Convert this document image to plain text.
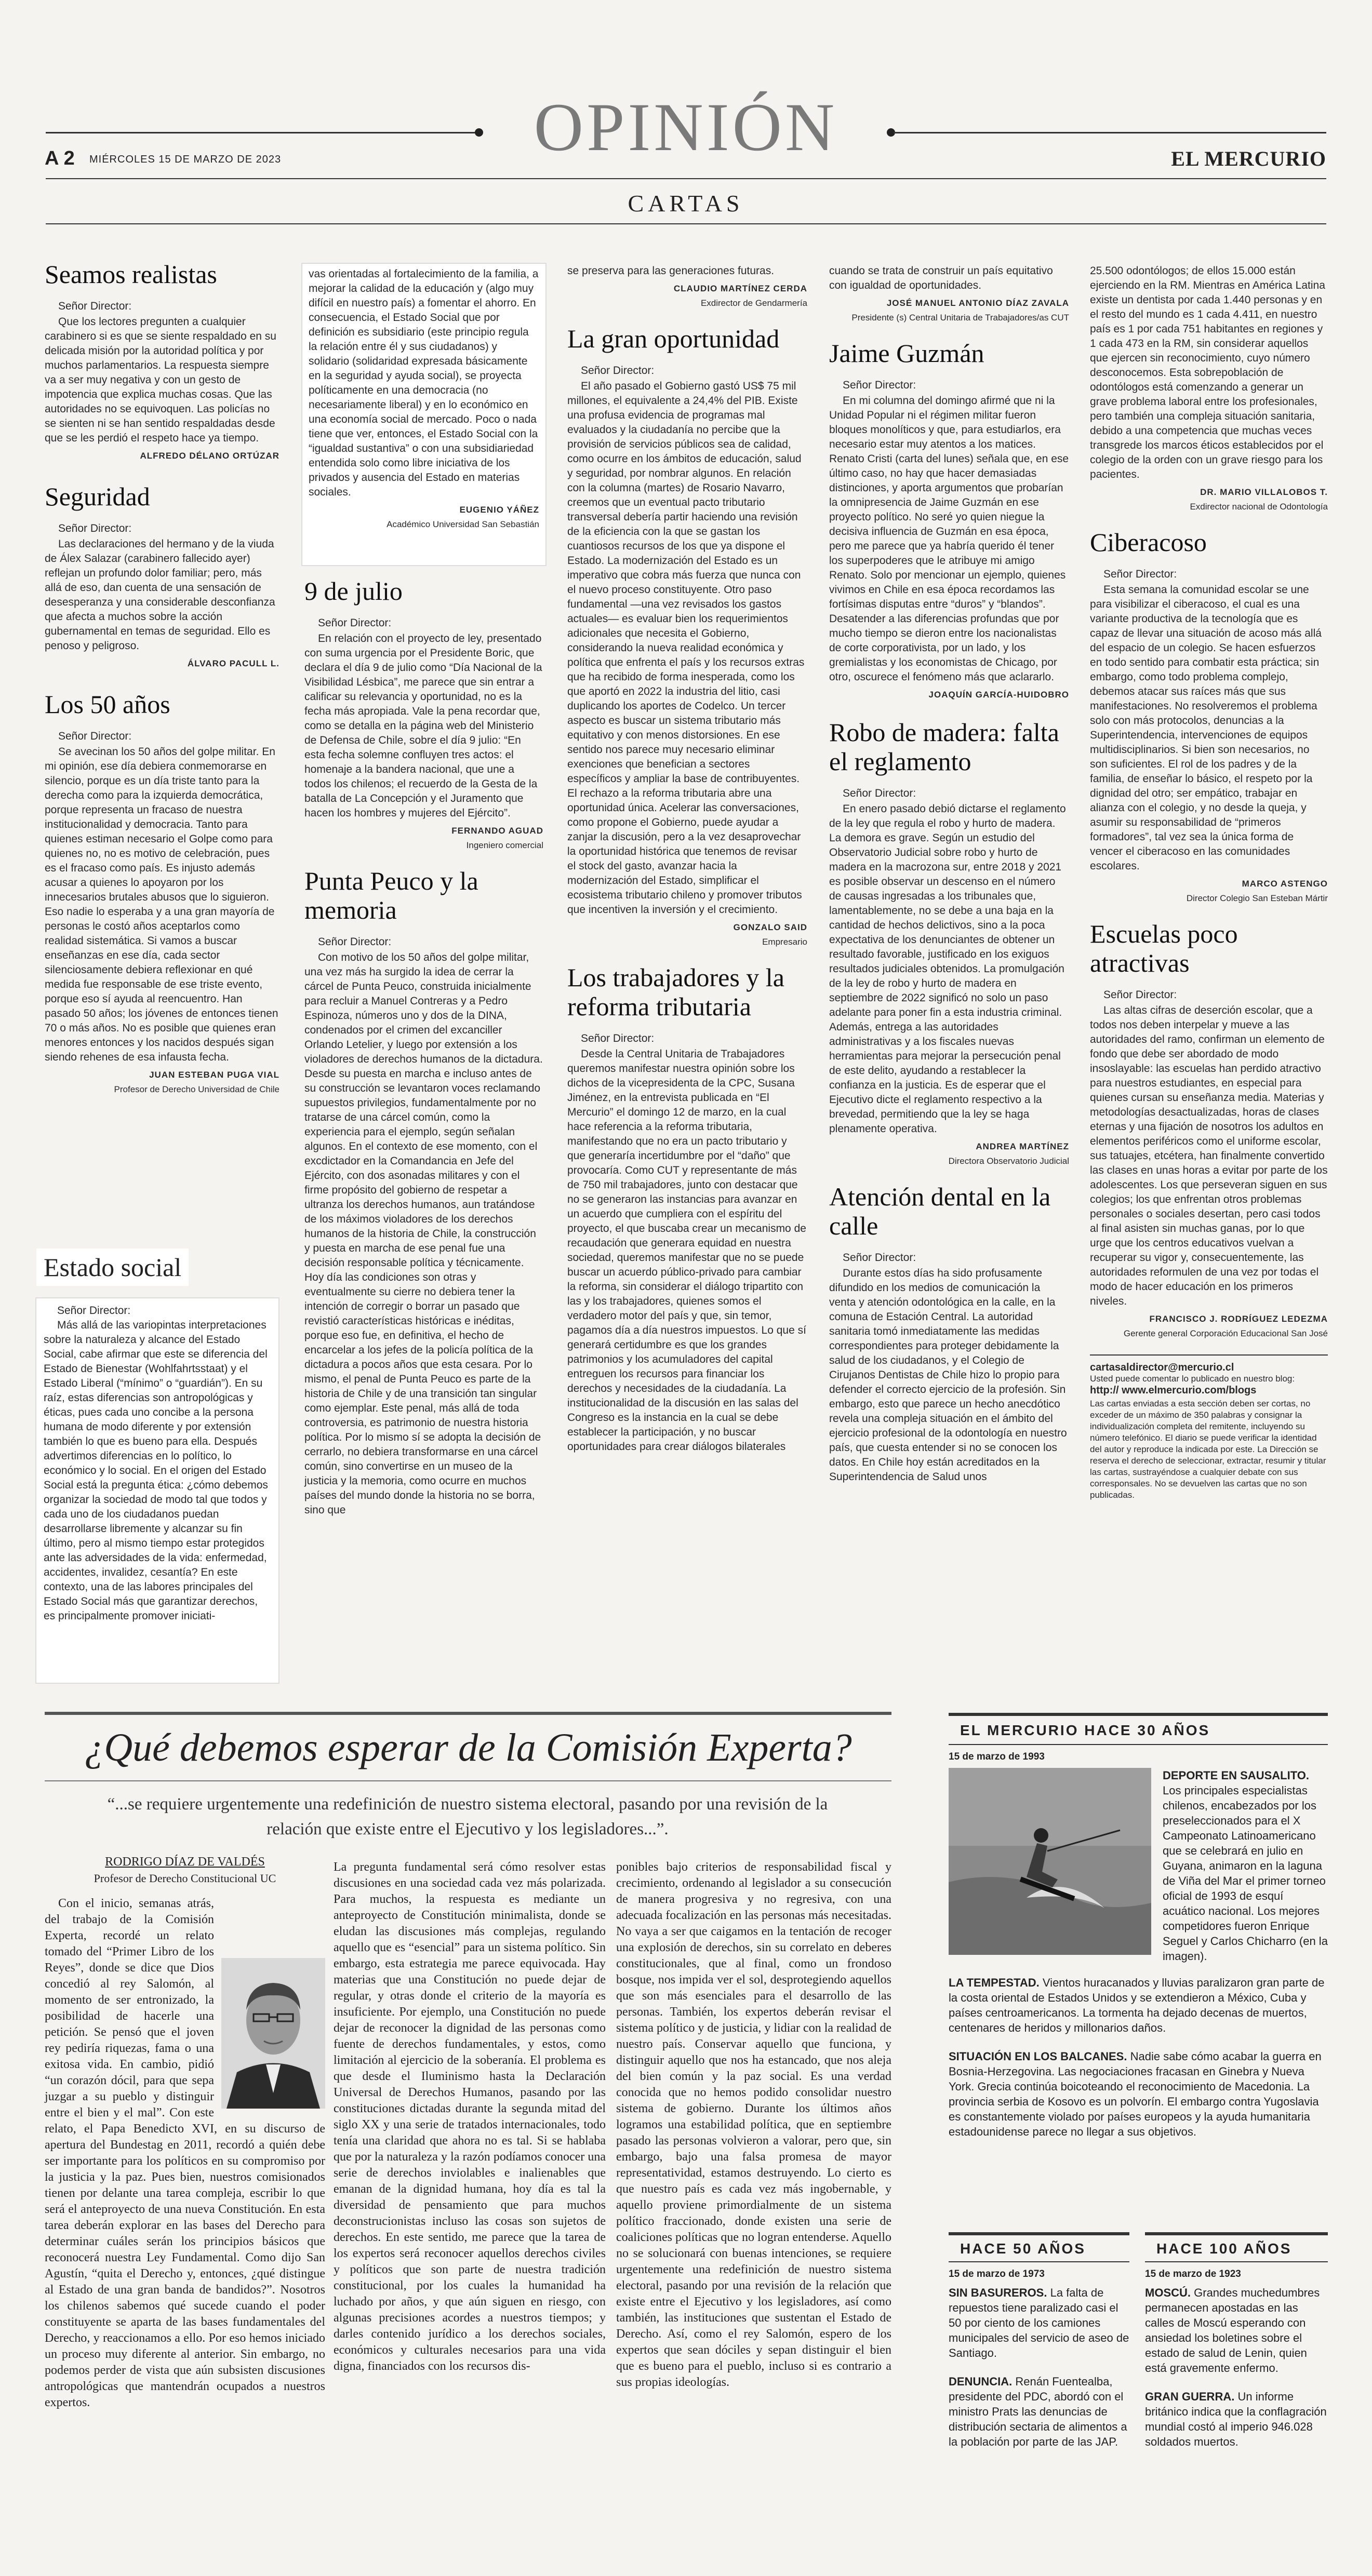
OPINIÓN
A 2 MIÉRCOLES 15 DE MARZO DE 2023	EL MERCURIO
CARTAS
Seamos realistas

Señor Director:

Que los lectores pregunten a cualquier carabinero si es que se siente respaldado en su delicada misión por la autoridad política y por muchos parlamentarios. La respuesta siempre va a ser muy negativa y con un gesto de impotencia que explica muchas cosas. Que las autoridades no se equivoquen. Las policías no se sienten ni se han sentido respaldadas desde que se les perdió el respeto hace ya tiempo.

ALFREDO DÉLANO ORTÚZAR
Seguridad

Señor Director:

Las declaraciones del hermano y de la viuda de Álex Salazar (carabinero fallecido ayer) reflejan un profundo dolor familiar; pero, más allá de eso, dan cuenta de una sensación de desesperanza y una considerable desconfianza que afecta a muchos sobre la acción gubernamental en temas de seguridad. Ello es penoso y peligroso.

ÁLVARO PACULL L.
Los 50 años

Señor Director:

Se avecinan los 50 años del golpe militar. En mi opinión, ese día debiera conmemorarse en silencio, porque es un día triste tanto para la derecha como para la izquierda democrática, porque representa un fracaso de nuestra institucionalidad y democracia. Tanto para quienes estiman necesario el Golpe como para quienes no, no es motivo de celebración, pues es el fracaso como país. Es injusto además acusar a quienes lo apoyaron por los innecesarios brutales abusos que lo siguieron. Eso nadie lo esperaba y a una gran mayoría de personas le costó años aceptarlos como realidad sistemática. Si vamos a buscar enseñanzas en ese día, cada sector silenciosamente debiera reflexionar en qué medida fue responsable de ese triste evento, porque eso sí ayuda al reencuentro. Han pasado 50 años; los jóvenes de entonces tienen 70 o más años. No es posible que quienes eran menores entonces y los nacidos después sigan siendo rehenes de esa infausta fecha.

JUAN ESTEBAN PUGA VIAL
Profesor de Derecho Universidad de Chile
Estado social

Señor Director:

Más allá de las variopintas interpretaciones sobre la naturaleza y alcance del Estado Social, cabe afirmar que este se diferencia del Estado de Bienestar (Wohlfahrtsstaat) y el Estado Liberal (“mínimo” o “guardián”). En su raíz, estas diferencias son antropológicas y éticas, pues cada uno concibe a la persona humana de modo diferente y por extensión también lo que es bueno para ella. Después advertimos diferencias en lo político, lo económico y lo social. En el origen del Estado Social está la pregunta ética: ¿cómo debemos organizar la sociedad de modo tal que todos y cada uno de los ciudadanos puedan desarrollarse libremente y alcanzar su fin último, pero al mismo tiempo estar protegidos ante las adversidades de la vida: enfermedad, accidentes, invalidez, cesantía? En este contexto, una de las labores principales del Estado Social más que garantizar derechos, es principalmente promover iniciati-

vas orientadas al fortalecimiento de la familia, a mejorar la calidad de la educación y (algo muy difícil en nuestro país) a fomentar el ahorro. En consecuencia, el Estado Social que por definición es subsidiario (este principio regula la relación entre él y sus ciudadanos) y solidario (solidaridad expresada básicamente en la seguridad y ayuda social), se proyecta políticamente en una democracia (no necesariamente liberal) y en lo económico en una economía social de mercado. Poco o nada tiene que ver, entonces, el Estado Social con la “igualdad sustantiva” o con una subsidiariedad entendida solo como libre iniciativa de los privados y ausencia del Estado en materias sociales.

EUGENIO YÁÑEZ
Académico Universidad San Sebastián
9 de julio

Señor Director:

En relación con el proyecto de ley, presentado con suma urgencia por el Presidente Boric, que declara el día 9 de julio como “Día Nacional de la Visibilidad Lésbica”, me parece que sin entrar a calificar su relevancia y oportunidad, no es la fecha más apropiada. Vale la pena recordar que, como se detalla en la página web del Ministerio de Defensa de Chile, sobre el día 9 julio: “En esta fecha solemne confluyen tres actos: el homenaje a la bandera nacional, que une a todos los chilenos; el recuerdo de la Gesta de la batalla de La Concepción y el Juramento que hacen los hombres y mujeres del Ejército”.

FERNANDO AGUAD
Ingeniero comercial
Punta Peuco y la memoria

Señor Director:

Con motivo de los 50 años del golpe militar, una vez más ha surgido la idea de cerrar la cárcel de Punta Peuco, construida inicialmente para recluir a Manuel Contreras y a Pedro Espinoza, números uno y dos de la DINA, condenados por el crimen del excanciller Orlando Letelier, y luego por extensión a los violadores de derechos humanos de la dictadura. Desde su puesta en marcha e incluso antes de su construcción se levantaron voces reclamando supuestos privilegios, fundamentalmente por no tratarse de una cárcel común, como la experiencia para el ejemplo, según señalan algunos. En el contexto de ese momento, con el excdictador en la Comandancia en Jefe del Ejército, con dos asonadas militares y con el firme propósito del gobierno de respetar a ultranza los derechos humanos, aun tratándose de los máximos violadores de los derechos humanos de la historia de Chile, la construcción y puesta en marcha de ese penal fue una decisión responsable política y técnicamente. Hoy día las condiciones son otras y eventualmente su cierre no debiera tener la intención de corregir o borrar un pasado que revistió características históricas e inéditas, porque eso fue, en definitiva, el hecho de encarcelar a los jefes de la policía política de la dictadura a pocos años que esta cesara. Por lo mismo, el penal de Punta Peuco es parte de la historia de Chile y de una transición tan singular como ejemplar. Este penal, más allá de toda controversia, es patrimonio de nuestra historia política. Por lo mismo sí se adopta la decisión de cerrarlo, no debiera transformarse en una cárcel común, sino convertirse en un museo de la justicia y la memoria, como ocurre en muchos países del mundo donde la historia no se borra, sino que

se preserva para las generaciones futuras.

CLAUDIO MARTÍNEZ CERDA
Exdirector de Gendarmería
La gran oportunidad

Señor Director:

El año pasado el Gobierno gastó US$ 75 mil millones, el equivalente a 24,4% del PIB. Existe una profusa evidencia de programas mal evaluados y la ciudadanía no percibe que la provisión de servicios públicos sea de calidad, como ocurre en los ámbitos de educación, salud y seguridad, por nombrar algunos. En relación con la columna (martes) de Rosario Navarro, creemos que un eventual pacto tributario transversal debería partir haciendo una revisión de la eficiencia con la que se gastan los cuantiosos recursos de los que ya dispone el Estado. La modernización del Estado es un imperativo que cobra más fuerza que nunca con el nuevo proceso constituyente. Otro paso fundamental —una vez revisados los gastos actuales— es evaluar bien los requerimientos adicionales que necesita el Gobierno, considerando la nueva realidad económica y política que enfrenta el país y los recursos extras que ha recibido de forma inesperada, como los que aportó en 2022 la industria del litio, casi duplicando los aportes de Codelco. Un tercer aspecto es buscar un sistema tributario más equitativo y con menos distorsiones. En ese sentido nos parece muy necesario eliminar exenciones que benefician a sectores específicos y ampliar la base de contribuyentes. El rechazo a la reforma tributaria abre una oportunidad única. Acelerar las conversaciones, como propone el Gobierno, puede ayudar a zanjar la discusión, pero a la vez desaprovechar la oportunidad histórica que tenemos de revisar el stock del gasto, avanzar hacia la modernización del Estado, simplificar el ecosistema tributario chileno y promover tributos que incentiven la inversión y el crecimiento.

GONZALO SAID
Empresario
Los trabajadores y la reforma tributaria

Señor Director:

Desde la Central Unitaria de Trabajadores queremos manifestar nuestra opinión sobre los dichos de la vicepresidenta de la CPC, Susana Jiménez, en la entrevista publicada en “El Mercurio” el domingo 12 de marzo, en la cual hace referencia a la reforma tributaria, manifestando que no era un pacto tributario y que generaría incertidumbre por el “daño” que provocaría. Como CUT y representante de más de 750 mil trabajadores, junto con destacar que no se generaron las instancias para avanzar en un acuerdo que cumpliera con el espíritu del proyecto, el que buscaba crear un mecanismo de recaudación que generara equidad en nuestra sociedad, queremos manifestar que no se puede buscar un acuerdo público-privado para cambiar la reforma, sin considerar el diálogo tripartito con las y los trabajadores, quienes somos el verdadero motor del país y que, sin temor, pagamos día a día nuestros impuestos. Lo que sí generará certidumbre es que los grandes patrimonios y los acumuladores del capital entreguen los recursos para financiar los derechos y necesidades de la ciudadanía. La institucionalidad de la discusión en las salas del Congreso es la instancia en la cual se debe establecer la participación, y no buscar oportunidades para crear diálogos bilaterales

cuando se trata de construir un país equitativo con igualdad de oportunidades.

JOSÉ MANUEL ANTONIO DÍAZ ZAVALA
Presidente (s) Central Unitaria de Trabajadores/as CUT
Jaime Guzmán

Señor Director:

En mi columna del domingo afirmé que ni la Unidad Popular ni el régimen militar fueron bloques monolíticos y que, para estudiarlos, era necesario estar muy atentos a los matices. Renato Cristi (carta del lunes) señala que, en ese último caso, no hay que hacer demasiadas distinciones, y aporta argumentos que probarían la omnipresencia de Jaime Guzmán en ese proyecto político. No seré yo quien niegue la decisiva influencia de Guzmán en esa época, pero me parece que ya habría querido él tener los superpoderes que le atribuye mi amigo Renato. Solo por mencionar un ejemplo, quienes vivimos en Chile en esa época recordamos las fortísimas disputas entre “duros” y “blandos”. Desatender a las diferencias profundas que por mucho tiempo se dieron entre los nacionalistas de corte corporativista, por un lado, y los gremialistas y los economistas de Chicago, por otro, oscurece el fenómeno más que aclararlo.

JOAQUÍN GARCÍA-HUIDOBRO
Robo de madera: falta el reglamento

Señor Director:

En enero pasado debió dictarse el reglamento de la ley que regula el robo y hurto de madera. La demora es grave. Según un estudio del Observatorio Judicial sobre robo y hurto de madera en la macrozona sur, entre 2018 y 2021 es posible observar un descenso en el número de causas ingresadas a los tribunales que, lamentablemente, no se debe a una baja en la cantidad de hechos delictivos, sino a la poca expectativa de los denunciantes de obtener un resultado favorable, justificado en los exiguos resultados judiciales obtenidos. La promulgación de la ley de robo y hurto de madera en septiembre de 2022 significó no solo un paso adelante para poner fin a esta industria criminal. Además, entrega a las autoridades administrativas y a los fiscales nuevas herramientas para mejorar la persecución penal de este delito, ayudando a restablecer la confianza en la justicia. Es de esperar que el Ejecutivo dicte el reglamento respectivo a la brevedad, permitiendo que la ley se haga plenamente operativa.

ANDREA MARTÍNEZ
Directora Observatorio Judicial
Atención dental en la calle

Señor Director:

Durante estos días ha sido profusamente difundido en los medios de comunicación la venta y atención odontológica en la calle, en la comuna de Estación Central. La autoridad sanitaria tomó inmediatamente las medidas correspondientes para proteger debidamente la salud de los ciudadanos, y el Colegio de Cirujanos Dentistas de Chile hizo lo propio para defender el correcto ejercicio de la profesión. Sin embargo, esto que parece un hecho anecdótico revela una compleja situación en el ámbito del ejercicio profesional de la odontología en nuestro país, que cuesta entender si no se conocen los datos. En Chile hoy están acreditados en la Superintendencia de Salud unos

25.500 odontólogos; de ellos 15.000 están ejerciendo en la RM. Mientras en América Latina existe un dentista por cada 1.440 personas y en el resto del mundo es 1 cada 4.411, en nuestro país es 1 por cada 751 habitantes en regiones y 1 cada 473 en la RM, sin considerar aquellos que ejercen sin reconocimiento, cuyo número desconocemos. Esta sobrepoblación de odontólogos está comenzando a generar un grave problema laboral entre los profesionales, pero también una compleja situación sanitaria, debido a una competencia que muchas veces transgrede los marcos éticos establecidos por el colegio de la orden con un grave riesgo para los pacientes.

DR. MARIO VILLALOBOS T.
Exdirector nacional de Odontología
Ciberacoso

Señor Director:

Esta semana la comunidad escolar se une para visibilizar el ciberacoso, el cual es una variante productiva de la tecnología que es capaz de llevar una situación de acoso más allá del espacio de un colegio. Se hacen esfuerzos en todo sentido para combatir esta práctica; sin embargo, como todo problema complejo, debemos atacar sus raíces más que sus manifestaciones. No resolveremos el problema solo con más protocolos, denuncias a la Superintendencia, intervenciones de equipos multidisciplinarios. Si bien son necesarios, no son suficientes. El rol de los padres y de la familia, de enseñar lo básico, el respeto por la dignidad del otro; ser empático, trabajar en alianza con el colegio, y no desde la queja, y asumir su responsabilidad de “primeros formadores”, tal vez sea la única forma de vencer el ciberacoso en las comunidades escolares.

MARCO ASTENGO
Director Colegio San Esteban Mártir
Escuelas poco atractivas

Señor Director:

Las altas cifras de deserción escolar, que a todos nos deben interpelar y mueve a las autoridades del ramo, confirman un elemento de fondo que debe ser abordado de modo insoslayable: las escuelas han perdido atractivo para nuestros estudiantes, en especial para quienes cursan su enseñanza media. Materias y metodologías desactualizadas, horas de clases eternas y una fijación de nosotros los adultos en elementos periféricos como el uniforme escolar, sus tatuajes, etcétera, han finalmente convertido las clases en unas horas a evitar por parte de los adolescentes. Los que perseveran siguen en sus colegios; los que enfrentan otros problemas personales o sociales desertan, pero casi todos al final asisten sin muchas ganas, por lo que urge que los centros educativos vuelvan a recuperar su vigor y, consecuentemente, las autoridades reformulen de una vez por todas el modo de hacer educación en los primeros niveles.

FRANCISCO J. RODRÍGUEZ LEDEZMA
Gerente general Corporación Educacional San José
cartasaldirector@mercurio.cl
Usted puede comentar lo publicado en nuestro blog:
http:// www.elmercurio.com/blogs
Las cartas enviadas a esta sección deben ser cortas, no exceder de un máximo de 350 palabras y consignar la individualización completa del remitente, incluyendo su número telefónico. El diario se puede verificar la identidad del autor y reproduce la indicada por este. La Dirección se reserva el derecho de seleccionar, extractar, resumir y titular las cartas, sustrayéndose a cualquier debate con sus corresponsales. No se devuelven las cartas que no son publicadas.
¿Qué debemos esperar de la Comisión Experta?
“...se requiere urgentemente una redefinición de nuestro sistema electoral, pasando por una revisión de la relación que existe entre el Ejecutivo y los legisladores...”.
RODRIGO DÍAZ DE VALDÉS
Profesor de Derecho Constitucional UC

Con el inicio, semanas atrás, del trabajo de la Comisión Experta, recordé un relato tomado del “Primer Libro de los Reyes”, donde se dice que Dios concedió al rey Salomón, al momento de ser entronizado, la posibilidad de hacerle una petición. Se pensó que el joven rey pediría riquezas, fama o una exitosa vida. En cambio, pidió “un corazón dócil, para que sepa juzgar a su pueblo y distinguir entre el bien y el mal”. Con este relato, el Papa Benedicto XVI, en su discurso de apertura del Bundestag en 2011, recordó a quién debe ser importante para los políticos en su compromiso por la justicia y la paz. Pues bien, nuestros comisionados tienen por delante una tarea compleja, escribir lo que será el anteproyecto de una nueva Constitución. En esta tarea deberán explorar en las bases del Derecho para determinar cuáles serán los principios básicos que reconocerá nuestra Ley Fundamental. Como dijo San Agustín, “quita el Derecho y, entonces, ¿qué distingue al Estado de una gran banda de bandidos?”. Nosotros los chilenos sabemos qué sucede cuando el poder constituyente se aparta de las bases fundamentales del Derecho, y reaccionamos a ello. Por eso hemos iniciado un proceso muy diferente al anterior. Sin embargo, no podemos perder de vista que aún subsisten discusiones antropológicas que mantendrán ocupados a nuestros expertos.

La pregunta fundamental será cómo resolver estas discusiones en una sociedad cada vez más polarizada. Para muchos, la respuesta es mediante un anteproyecto de Constitución minimalista, donde se eludan las discusiones más complejas, regulando aquello que es “esencial” para un sistema político. Sin embargo, esta estrategia me parece equivocada. Hay materias que una Constitución no puede dejar de regular, y otras donde el criterio de la mayoría es insuficiente. Por ejemplo, una Constitución no puede dejar de reconocer la dignidad de las personas como fuente de derechos fundamentales, y estos, como limitación al ejercicio de la soberanía. El problema es que desde el Iluminismo hasta la Declaración Universal de Derechos Humanos, pasando por las constituciones dictadas durante la segunda mitad del siglo XX y una serie de tratados internacionales, todo tenía una claridad que ahora no es tal. Si se hablaba que por la naturaleza y la razón podíamos conocer una serie de derechos inviolables e inalienables que emanan de la dignidad humana, hoy día es tal la diversidad de pensamiento que para muchos deconstrucionistas incluso las cosas son sujetos de derechos. En este sentido, me parece que la tarea de los expertos será reconocer aquellos derechos civiles y políticos que son parte de nuestra tradición constitucional, por los cuales la humanidad ha luchado por años, y que aún siguen en riesgo, con algunas precisiones acordes a nuestros tiempos; y darles contenido jurídico a los derechos sociales, económicos y culturales necesarios para una vida digna, financiados con los recursos dis-

ponibles bajo criterios de responsabilidad fiscal y crecimiento, ordenando al legislador a su consecución de manera progresiva y no regresiva, con una adecuada focalización en las personas más necesitadas. No vaya a ser que caigamos en la tentación de recoger una explosión de derechos, sin su correlato en deberes constitucionales, que al final, como un frondoso bosque, nos impida ver el sol, desprotegiendo aquellos que son más esenciales para el desarrollo de las personas. También, los expertos deberán revisar el sistema político y de justicia, y lidiar con la realidad de nuestro país. Conservar aquello que funciona, y distinguir aquello que nos ha estancado, que nos aleja del bien común y la paz social. Es una verdad conocida que no hemos podido consolidar nuestro sistema de gobierno. Durante los últimos años logramos una estabilidad política, que en septiembre pasado las personas volvieron a valorar, pero que, sin embargo, bajo una falsa promesa de mayor representatividad, estamos destruyendo. Lo cierto es que nuestro país es cada vez más ingobernable, y aquello proviene primordialmente de un sistema político fraccionado, donde existen una serie de coaliciones políticas que no logran entenderse. Aquello no se solucionará con buenas intenciones, se requiere urgentemente una redefinición de nuestro sistema electoral, pasando por una revisión de la relación que existe entre el Ejecutivo y los legisladores, así como también, las instituciones que sustentan el Estado de Derecho. Así, como el rey Salomón, espero de los expertos que sean dóciles y sepan distinguir el bien que es bueno para el pueblo, incluso si es contrario a sus propias ideologías.

EL MERCURIO HACE 30 AÑOS
15 de marzo de 1993

DEPORTE EN SAUSALITO. Los principales especialistas chilenos, encabezados por los preseleccionados para el X Campeonato Latinoamericano que se celebrará en julio en Guyana, animaron en la laguna de Viña del Mar el primer torneo oficial de 1993 de esquí acuático nacional. Los mejores competidores fueron Enrique Seguel y Carlos Chicharro (en la imagen).

LA TEMPESTAD. Vientos huracanados y lluvias paralizaron gran parte de la costa oriental de Estados Unidos y se extendieron a México, Cuba y países centroamericanos. La tormenta ha dejado decenas de muertos, centenares de heridos y millonarios daños.

SITUACIÓN EN LOS BALCANES. Nadie sabe cómo acabar la guerra en Bosnia-Herzegovina. Las negociaciones fracasan en Ginebra y Nueva York. Grecia continúa boicoteando el reconocimiento de Macedonia. La provincia serbia de Kosovo es un polvorín. El embargo contra Yugoslavia es constantemente violado por países europeos y la ayuda humanitaria estadounidense parece no llegar a sus objetivos.

HACE 50 AÑOS
15 de marzo de 1973

SIN BASUREROS. La falta de repuestos tiene paralizado casi el 50 por ciento de los camiones municipales del servicio de aseo de Santiago.

DENUNCIA. Renán Fuentealba, presidente del PDC, abordó con el ministro Prats las denuncias de distribución sectaria de alimentos a la población por parte de las JAP.

HACE 100 AÑOS
15 de marzo de 1923

MOSCÚ. Grandes muchedumbres permanecen apostadas en las calles de Moscú esperando con ansiedad los boletines sobre el estado de salud de Lenin, quien está gravemente enfermo.

GRAN GUERRA. Un informe británico indica que la conflagración mundial costó al imperio 946.028 soldados muertos.
